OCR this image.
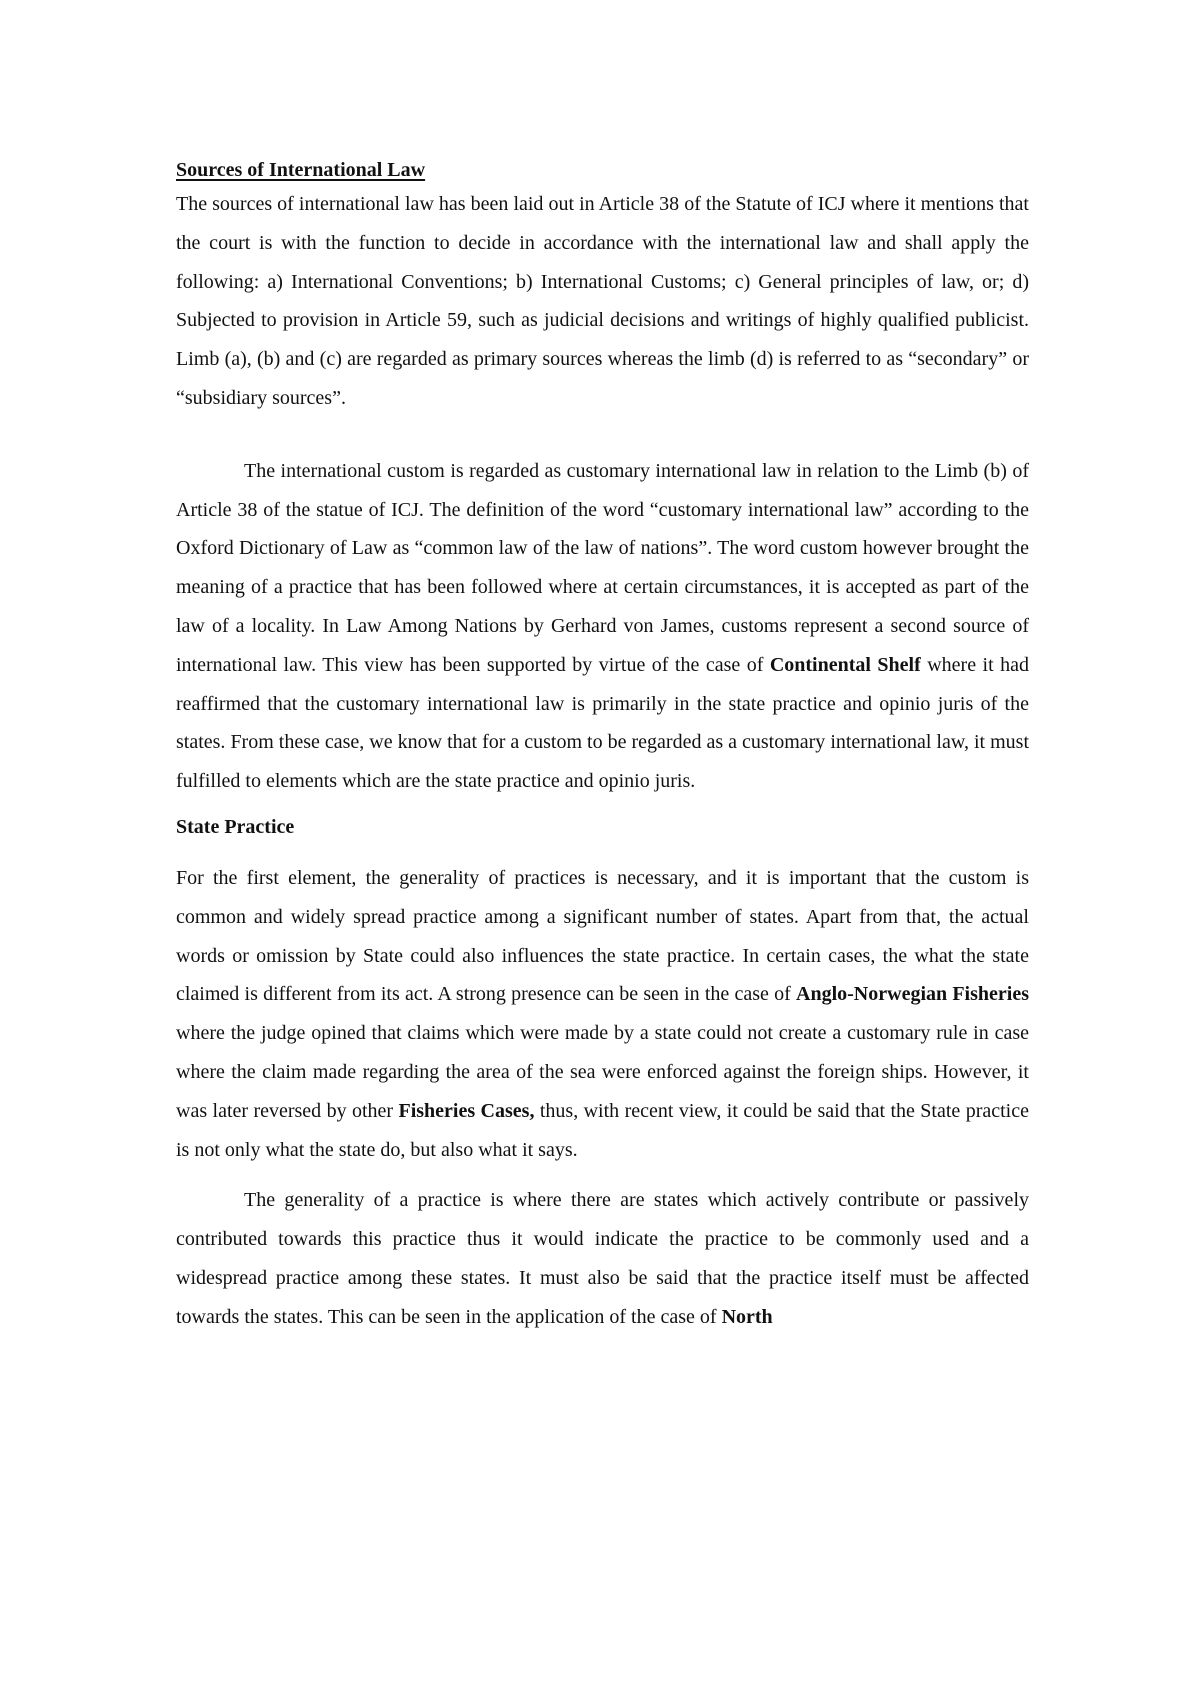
Sources of International Law

The sources of international law has been laid out in Article 38 of the Statute of ICJ where it mentions that the court is with the function to decide in accordance with the international law and shall apply the following: a) International Conventions; b) International Customs; c) General principles of law, or; d) Subjected to provision in Article 59, such as judicial decisions and writings of highly qualified publicist. Limb (a), (b) and (c) are regarded as primary sources whereas the limb (d) is referred to as “secondary” or “subsidiary sources”.

The international custom is regarded as customary international law in relation to the Limb (b) of Article 38 of the statue of ICJ. The definition of the word “customary international law” according to the Oxford Dictionary of Law as “common law of the law of nations”. The word custom however brought the meaning of a practice that has been followed where at certain circumstances, it is accepted as part of the law of a locality. In Law Among Nations by Gerhard von James, customs represent a second source of international law. This view has been supported by virtue of the case of Continental Shelf where it had reaffirmed that the customary international law is primarily in the state practice and opinio juris of the states. From these case, we know that for a custom to be regarded as a customary international law, it must fulfilled to elements which are the state practice and opinio juris.

State Practice

For the first element, the generality of practices is necessary, and it is important that the custom is common and widely spread practice among a significant number of states. Apart from that, the actual words or omission by State could also influences the state practice. In certain cases, the what the state claimed is different from its act. A strong presence can be seen in the case of Anglo-Norwegian Fisheries where the judge opined that claims which were made by a state could not create a customary rule in case where the claim made regarding the area of the sea were enforced against the foreign ships. However, it was later reversed by other Fisheries Cases, thus, with recent view, it could be said that the State practice is not only what the state do, but also what it says.

The generality of a practice is where there are states which actively contribute or passively contributed towards this practice thus it would indicate the practice to be commonly used and a widespread practice among these states. It must also be said that the practice itself must be affected towards the states. This can be seen in the application of the case of North
